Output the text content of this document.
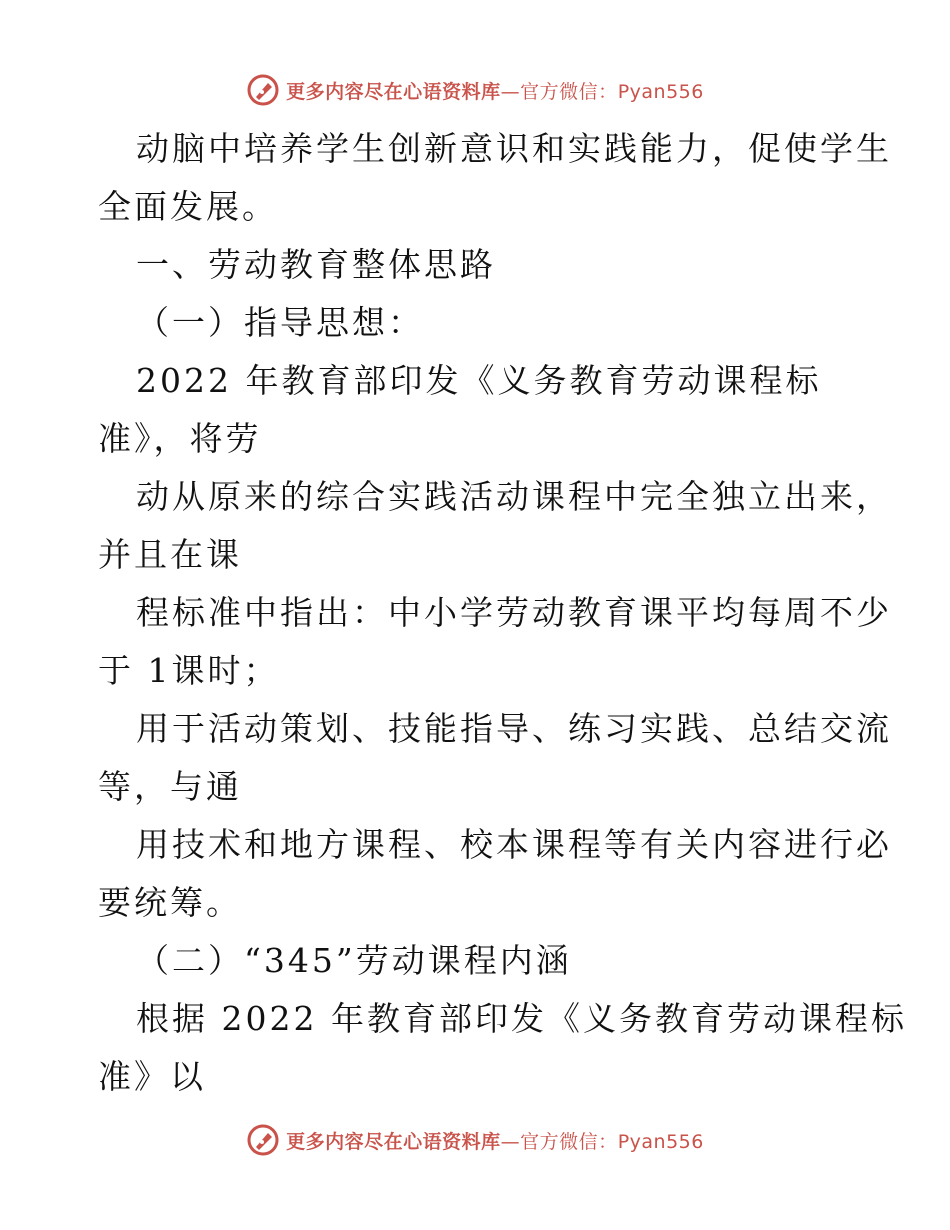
更多内容尽在心语资料库—官方微信：Pyan556
动脑中培养学生创新意识和实践能力，促使学生
全面发展。
一、劳动教育整体思路
（一）指导思想：
2022 年教育部印发《义务教育劳动课程标
准》，将劳
动从原来的综合实践活动课程中完全独立出来，
并且在课
程标准中指出：中小学劳动教育课平均每周不少
于 1课时；
用于活动策划、技能指导、练习实践、总结交流
等，与通
用技术和地方课程、校本课程等有关内容进行必
要统筹。
（二）“345”劳动课程内涵
根据 2022 年教育部印发《义务教育劳动课程标
准》以
更多内容尽在心语资料库—官方微信：Pyan556
